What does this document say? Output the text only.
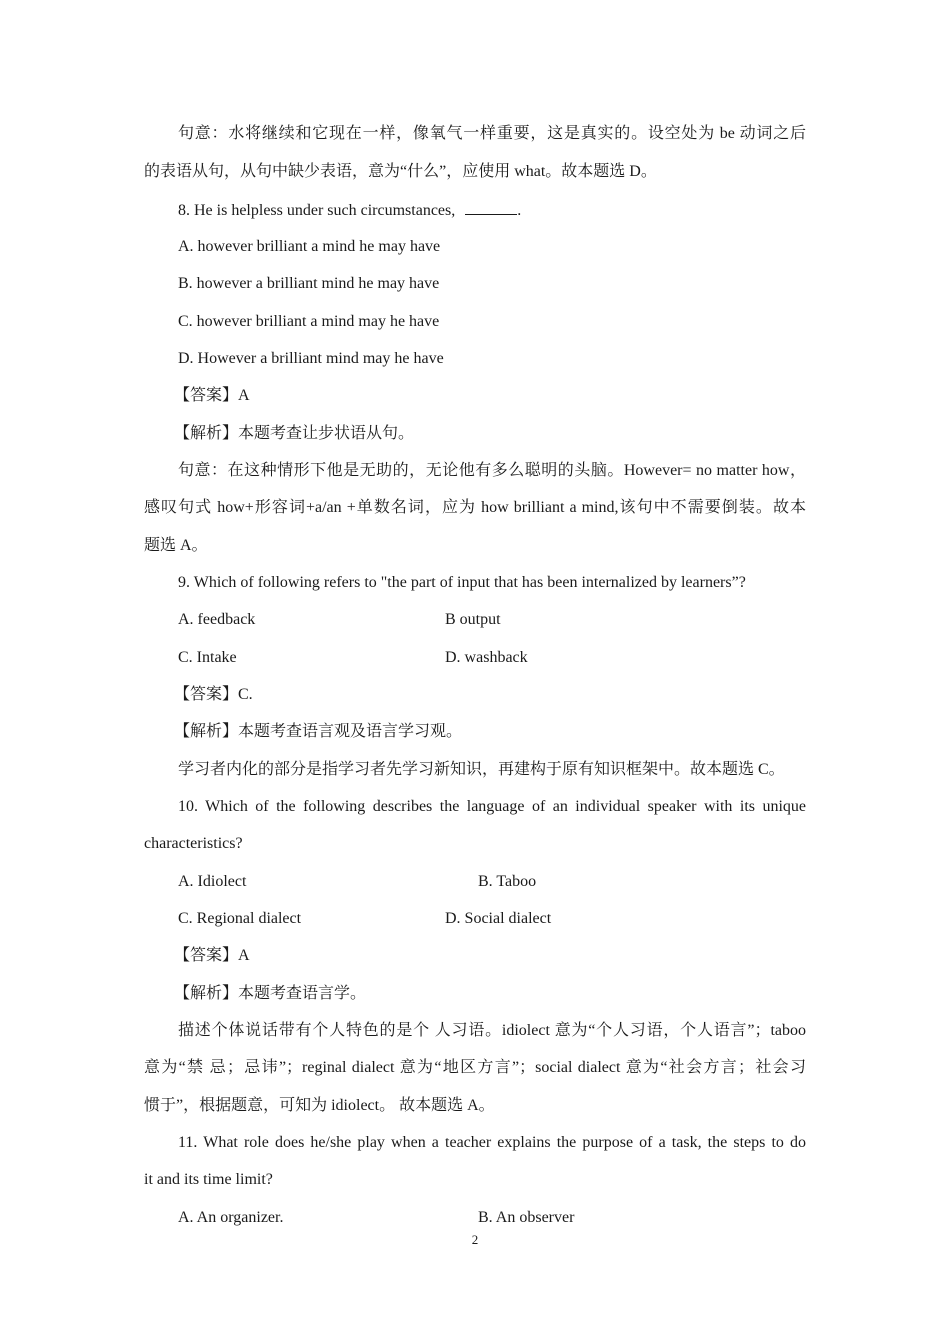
句意：水将继续和它现在一样，像氧气一样重要，这是真实的。设空处为 be 动词之后
的表语从句，从句中缺少表语，意为“什么”，应使用 what。故本题选 D。
8. He is helpless under such circumstances,	.
A. however brilliant a mind he may have
B. however a brilliant mind he may have
C. however brilliant a mind may he have
D. However a brilliant mind may he have
【答案】A
【解析】本题考查让步状语从句。
句意：在这种情形下他是无助的，无论他有多么聪明的头脑。However= no matter how，
感叹句式 how+形容词+a/an +单数名词，应为 how brilliant a mind,该句中不需要倒装。故本
题选 A。
9. Which of following refers to "the part of input that has been internalized by learners”?
A. feedback	B output
C. Intake	D. washback
【答案】C.
【解析】本题考查语言观及语言学习观。
学习者内化的部分是指学习者先学习新知识，再建构于原有知识框架中。故本题选 C。
10. Which of the following describes the language of an individual speaker with its unique
characteristics?
A. Idiolect	B. Taboo
C. Regional dialect	D. Social dialect
【答案】A
【解析】本题考查语言学。
描述个体说话带有个人特色的是个 人习语。idiolect 意为“个人习语，个人语言”；taboo
意为“禁 忌；忌讳”；reginal dialect 意为“地区方言”；social dialect 意为“社会方言；社会习
惯于”，根据题意，可知为 idiolect。 故本题选 A。
11. What role does he/she play when a teacher explains the purpose of a task, the steps to do
it and its time limit?
A. An organizer.	B. An observer
2
